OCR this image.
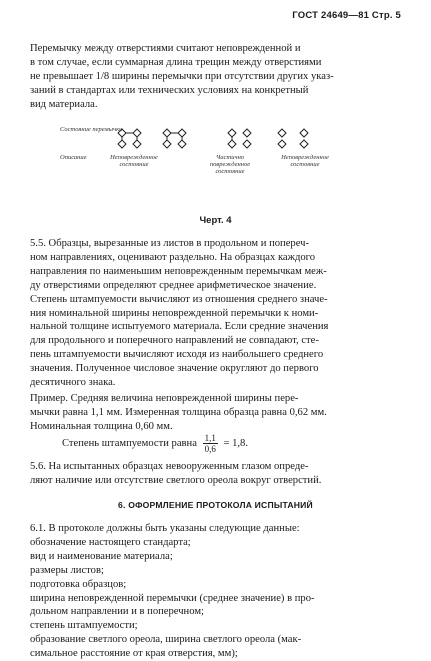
ГОСТ 24649—81 Стр. 5
Перемычку между отверстиями считают неповрежденной и
в том случае, если суммарная длина трещин между отверстиями
не превышает 1/8 ширины перемычки при отсутствии других указ-
заний в стандартах или технических условиях на конкретный
вид материала.
Состояние перемычки
Описание	Неповрежденное состояние
Частично поврежденное состояние
Неповрежденное состояние
Черт. 4
5.5. Образцы, вырезанные из листов в продольном и попереч-
ном направлениях, оценивают раздельно. На образцах каждого
направления по наименьшим неповрежденным перемычкам меж-
ду отверстиями определяют среднее арифметическое значение.
Степень штампуемости вычисляют из отношения среднего значе-
ния номинальной ширины неповрежденной перемычки к номи-
нальной толщине испытуемого материала. Если средние значения
для продольного и поперечного направлений не совпадают, сте-
пень штампуемости вычисляют исходя из наибольшего среднего
значения. Полученное числовое значение округляют до первого
десятичного знака.
Пример. Средняя величина неповрежденной ширины пере-
мычки равна 1,1 мм. Измеренная толщина образца равна 0,62 мм.
Номинальная толщина 0,60 мм.
Степень штампуемости равна $\frac{1,1}{0,6} = 1,8$.
5.6. На испытанных образцах невооруженным глазом опреде-
ляют наличие или отсутствие светлого ореола вокруг отверстий.
6. ОФОРМЛЕНИЕ ПРОТОКОЛА ИСПЫТАНИЙ
6.1. В протоколе должны быть указаны следующие данные:
обозначение настоящего стандарта;
вид и наименование материала;
размеры листов;
подготовка образцов;
ширина неповрежденной перемычки (среднее значение) в про-
дольном направлении и в поперечном;
степень штампуемости;
образование светлого ореола, ширина светлого ореола (мак-
симальное расстояние от края отверстия, мм);
